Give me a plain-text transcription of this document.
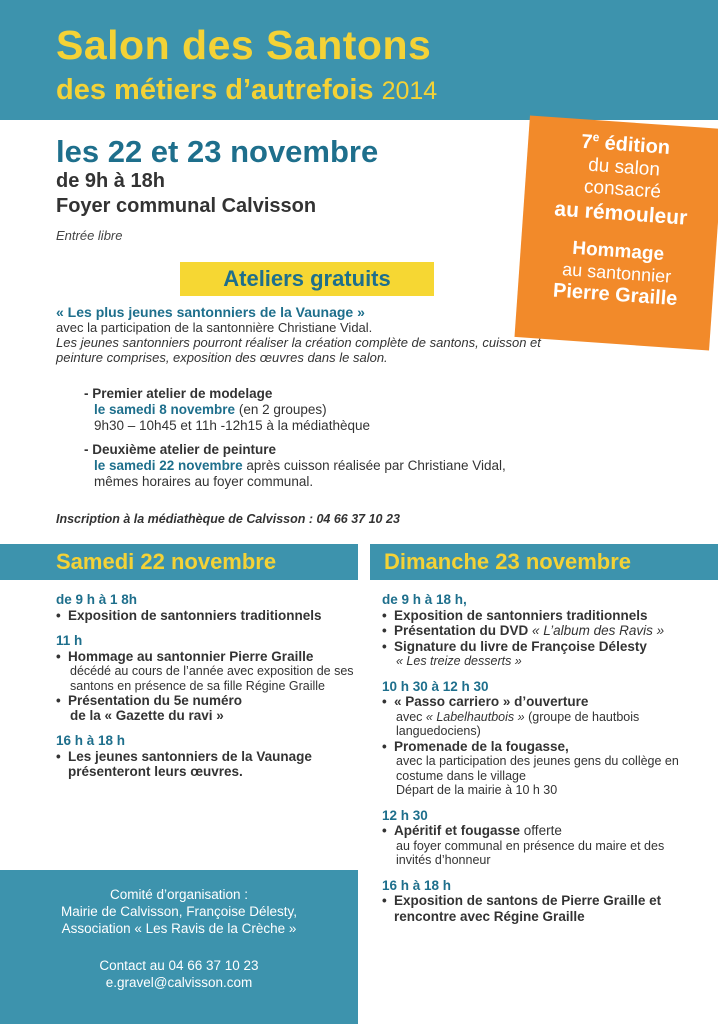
Salon des Santons
des métiers d’autrefois 2014
les 22 et 23 novembre
de 9h à 18h
Foyer communal Calvisson
Entrée libre
7e édition
du salon
consacré
au rémouleur
Hommage
au santonnier
Pierre Graille
Ateliers gratuits
« Les plus jeunes santonniers de la Vaunage »
avec la participation de la santonnière Christiane Vidal.
Les jeunes santonniers pourront réaliser la création complète de santons, cuisson et peinture comprises, exposition des œuvres dans le salon.
- Premier atelier de modelage
le samedi 8 novembre (en 2 groupes)
9h30 – 10h45 et 11h -12h15 à la médiathèque
- Deuxième atelier de peinture
le samedi 22 novembre après cuisson réalisée par Christiane Vidal,
mêmes horaires au foyer communal.
Inscription à la médiathèque de Calvisson : 04 66 37 10 23
Samedi 22 novembre	Dimanche 23 novembre
de 9 h à 1 8h
• Exposition de santonniers traditionnels
11 h
• Hommage au santonnier Pierre Graille
décédé au cours de l’année avec exposition de ses santons en présence de sa fille Régine Graille
• Présentation du 5e numéro
de la « Gazette du ravi »
16 h à 18 h
• Les jeunes santonniers de la Vaunage présenteront leurs œuvres.
de 9 h à 18 h,
• Exposition de santonniers traditionnels
• Présentation du DVD « L’album des Ravis »
• Signature du livre de Françoise Délesty
« Les treize desserts »
10 h 30 à 12 h 30
• « Passo carriero » d’ouverture
avec « Labelhautbois » (groupe de hautbois languedociens)
• Promenade de la fougasse,
avec la participation des jeunes gens du collège en costume dans le village
Départ de la mairie à 10 h 30
12 h 30
• Apéritif et fougasse offerte
au foyer communal en présence du maire et des invités d’honneur
16 h à 18 h
• Exposition de santons de Pierre Graille et rencontre avec Régine Graille
Comité d’organisation :
Mairie de Calvisson, Françoise Délesty,
Association « Les Ravis de la Crèche »
Contact au 04 66 37 10 23
e.gravel@calvisson.com
